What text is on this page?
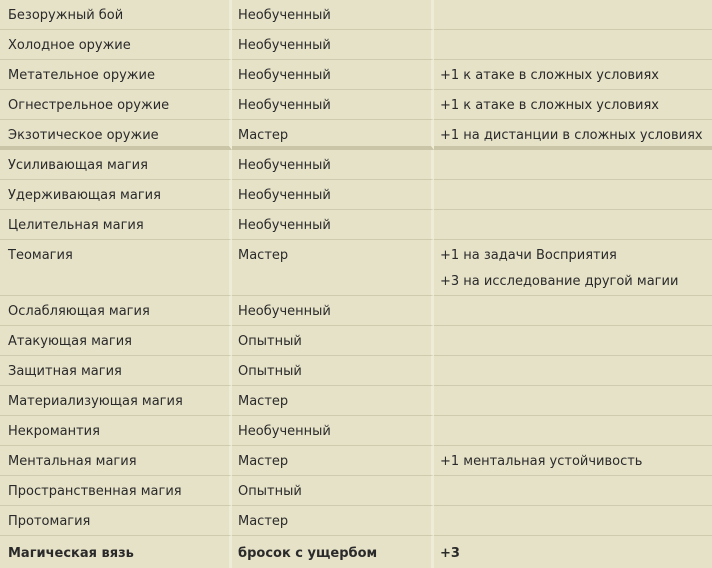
Безоружный бой	Необученный	
Холодное оружие	Необученный	
Метательное оружие	Необученный	+1 к атаке в сложных условиях

Огнестрельное оружие	Необученный	+1 к атаке в сложных условиях

Экзотическое оружие	Мастер	+1 на дистанции в сложных условиях

Усиливающая магия	Необученный	
Удерживающая магия	Необученный	
Целительная магия	Необученный	
Теомагия	Мастер	+1 на задачи Восприятия
+3 на исследование другой магии

Ослабляющая магия	Необученный	
Атакующая магия	Опытный	
Защитная магия	Опытный	
Материализующая магия	Мастер	
Некромантия	Необученный	
Ментальная магия	Мастер	+1 ментальная устойчивость

Пространственная магия	Опытный	
Протомагия	Мастер	
Магическая вязь	бросок с ущербом	+3
